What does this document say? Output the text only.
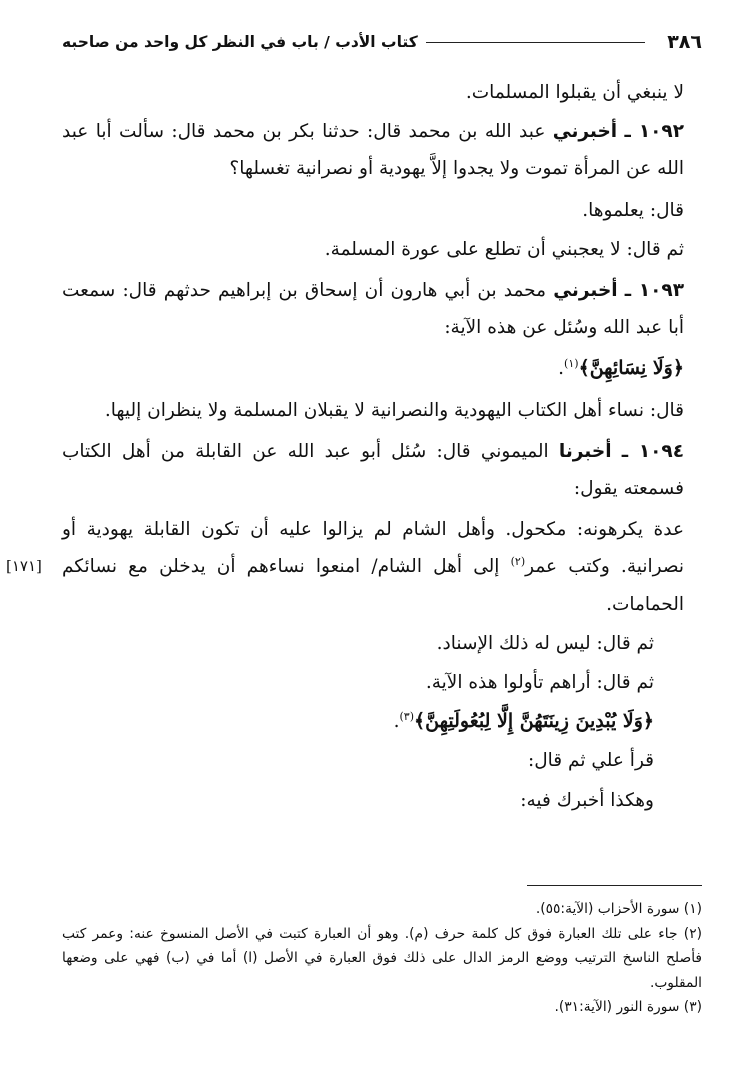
٣٨٦
كتاب الأدب / باب في النظر كل واحد من صاحبه

لا ينبغي أن يقبلوا المسلمات.

١٠٩٢ ـ أخبرني عبد الله بن محمد قال: حدثنا بكر بن محمد قال: سألت أبا عبد الله عن المرأة تموت ولا يجدوا إلاَّ يهودية أو نصرانية تغسلها؟

قال: يعلموها.

ثم قال: لا يعجبني أن تطلع على عورة المسلمة.

١٠٩٣ ـ أخبرني محمد بن أبي هارون أن إسحاق بن إبراهيم حدثهم قال: سمعت أبا عبد الله وسُئل عن هذه الآية:

﴿وَلَا نِسَائِهِنَّ﴾$^{(١)}$.

قال: نساء أهل الكتاب اليهودية والنصرانية لا يقبلان المسلمة ولا ينظران إليها.

١٠٩٤ ـ أخبرنا الميموني قال: سُئل أبو عبد الله عن القابلة من أهل الكتاب فسمعته يقول:

عدة يكرهونه: مكحول. وأهل الشام لم يزالوا عليه أن تكون القابلة يهودية أو نصرانية. وكتب عمر$^{(٢)}$ إلى أهل الشام/ امنعوا نساءهم أن يدخلن مع نسائكم الحمامات.
[١٧١]

ثم قال: ليس له ذلك الإسناد.

ثم قال: أراهم تأولوا هذه الآية.

﴿وَلَا يُبْدِينَ زِينَتَهُنَّ إِلَّا لِبُعُولَتِهِنَّ﴾$^{(٣)}$.

قرأ علي ثم قال:

وهكذا أخبرك فيه:

(١) سورة الأحزاب (الآية:٥٥).

(٢) جاء على تلك العبارة فوق كل كلمة حرف (م). وهو أن العبارة كتبت في الأصل المنسوخ عنه: وعمر كتب فأصلح الناسخ الترتيب ووضع الرمز الدال على ذلك فوق العبارة في الأصل (ا) أما في (ب) فهي على وضعها المقلوب.

(٣) سورة النور (الآية:٣١).
